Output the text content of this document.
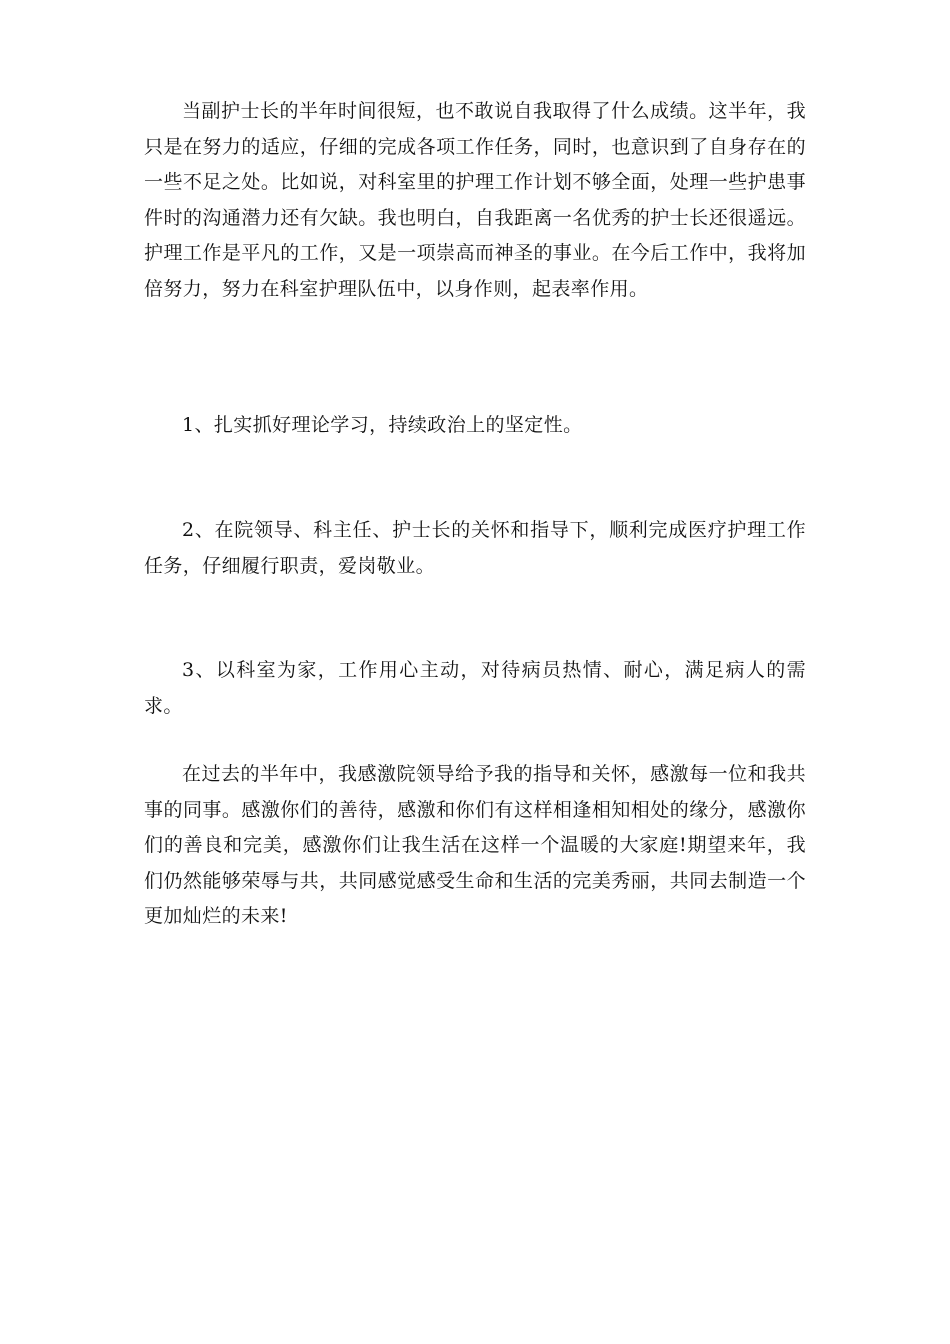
当副护士长的半年时间很短，也不敢说自我取得了什么成绩。这半年，我只是在努力的适应，仔细的完成各项工作任务，同时，也意识到了自身存在的一些不足之处。比如说，对科室里的护理工作计划不够全面，处理一些护患事件时的沟通潜力还有欠缺。我也明白，自我距离一名优秀的护士长还很遥远。护理工作是平凡的工作，又是一项崇高而神圣的事业。在今后工作中，我将加倍努力，努力在科室护理队伍中，以身作则，起表率作用。

1、扎实抓好理论学习，持续政治上的坚定性。

2、在院领导、科主任、护士长的关怀和指导下，顺利完成医疗护理工作任务，仔细履行职责，爱岗敬业。

3、以科室为家，工作用心主动，对待病员热情、耐心，满足病人的需求。

在过去的半年中，我感激院领导给予我的指导和关怀，感激每一位和我共事的同事。感激你们的善待，感激和你们有这样相逢相知相处的缘分，感激你们的善良和完美，感激你们让我生活在这样一个温暖的大家庭!期望来年，我们仍然能够荣辱与共，共同感觉感受生命和生活的完美秀丽，共同去制造一个更加灿烂的未来!
